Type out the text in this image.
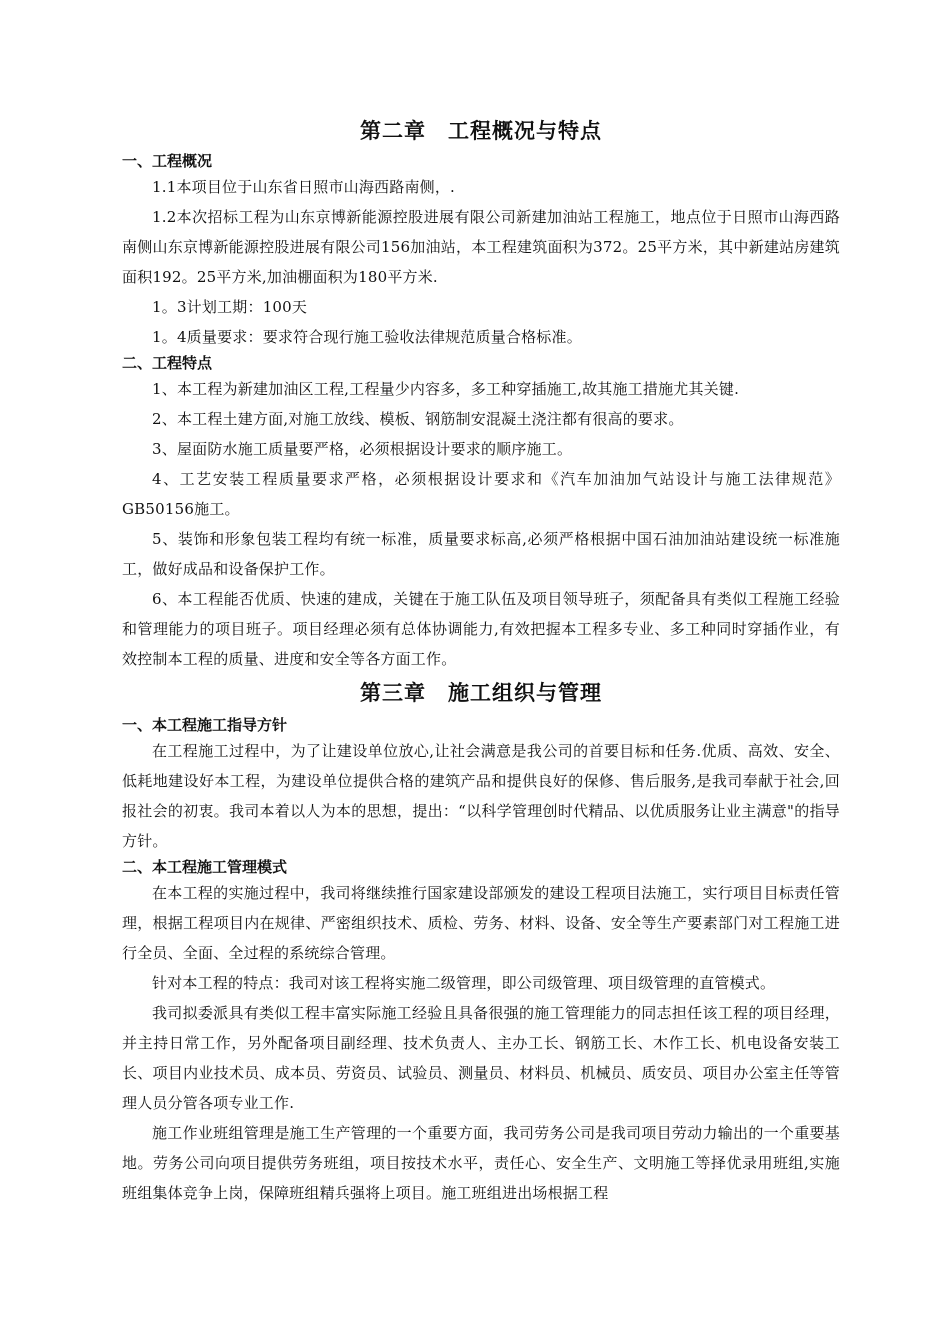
第二章　工程概况与特点
一、工程概况

1.1本项目位于山东省日照市山海西路南侧，.

1.2本次招标工程为山东京博新能源控股进展有限公司新建加油站工程施工，地点位于日照市山海西路南侧山东京博新能源控股进展有限公司156加油站，本工程建筑面积为372。25平方米，其中新建站房建筑面积192。25平方米,加油棚面积为180平方米.

1。3计划工期：100天

1。4质量要求：要求符合现行施工验收法律规范质量合格标准。

二、工程特点

1、本工程为新建加油区工程,工程量少内容多，多工种穿插施工,故其施工措施尤其关键.

2、本工程土建方面,对施工放线、模板、钢筋制安混凝土浇注都有很高的要求。

3、屋面防水施工质量要严格，必须根据设计要求的顺序施工。

4、工艺安装工程质量要求严格，必须根据设计要求和《汽车加油加气站设计与施工法律规范》GB50156施工。

5、装饰和形象包装工程均有统一标准，质量要求标高,必须严格根据中国石油加油站建设统一标准施工，做好成品和设备保护工作。

6、本工程能否优质、快速的建成，关键在于施工队伍及项目领导班子，须配备具有类似工程施工经验和管理能力的项目班子。项目经理必须有总体协调能力,有效把握本工程多专业、多工种同时穿插作业，有效控制本工程的质量、进度和安全等各方面工作。

第三章　施工组织与管理
一、本工程施工指导方针

在工程施工过程中，为了让建设单位放心,让社会满意是我公司的首要目标和任务.优质、高效、安全、低耗地建设好本工程，为建设单位提供合格的建筑产品和提供良好的保修、售后服务,是我司奉献于社会,回报社会的初衷。我司本着以人为本的思想，提出：“以科学管理创时代精品、以优质服务让业主满意"的指导方针。

二、本工程施工管理模式

在本工程的实施过程中，我司将继续推行国家建设部颁发的建设工程项目法施工，实行项目目标责任管理，根据工程项目内在规律、严密组织技术、质检、劳务、材料、设备、安全等生产要素部门对工程施工进行全员、全面、全过程的系统综合管理。

针对本工程的特点：我司对该工程将实施二级管理，即公司级管理、项目级管理的直管模式。

我司拟委派具有类似工程丰富实际施工经验且具备很强的施工管理能力的同志担任该工程的项目经理，并主持日常工作，另外配备项目副经理、技术负责人、主办工长、钢筋工长、木作工长、机电设备安装工长、项目内业技术员、成本员、劳资员、试验员、测量员、材料员、机械员、质安员、项目办公室主任等管理人员分管各项专业工作.

施工作业班组管理是施工生产管理的一个重要方面，我司劳务公司是我司项目劳动力输出的一个重要基地。劳务公司向项目提供劳务班组，项目按技术水平，责任心、安全生产、文明施工等择优录用班组,实施班组集体竞争上岗，保障班组精兵强将上项目。施工班组进出场根据工程
